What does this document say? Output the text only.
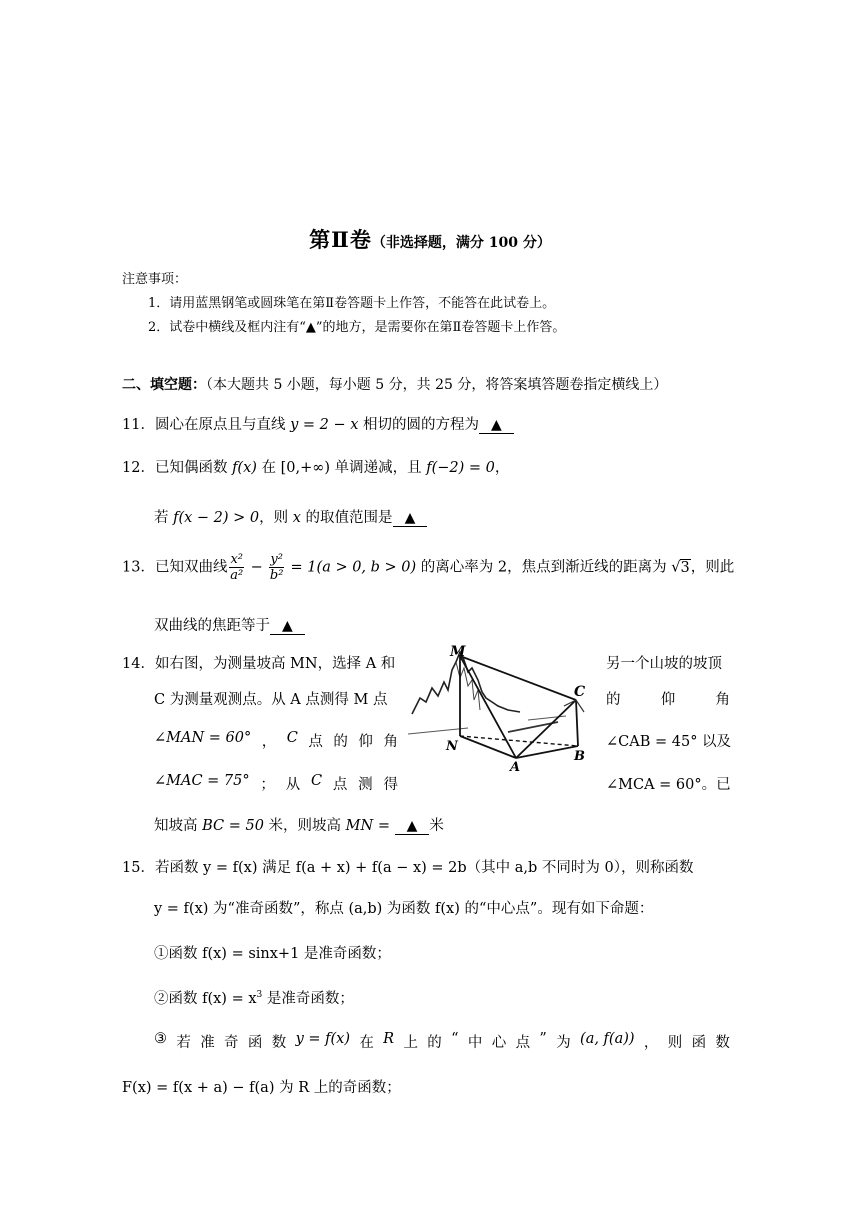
第Ⅱ卷（非选择题，满分 100 分）
注意事项：
1．请用蓝黑钢笔或圆珠笔在第Ⅱ卷答题卡上作答，不能答在此试卷上。
2．试卷中横线及框内注有“▲”的地方，是需要你在第Ⅱ卷答题卡上作答。
二、填空题：（本大题共 5 小题，每小题 5 分，共 25 分，将答案填答题卷指定横线上）
11．圆心在原点且与直线 y = 2 − x 相切的圆的方程为 ▲
12．已知偶函数 f(x) 在 [0,+∞) 单调递减，且 f(−2) = 0，
若 f(x − 2) > 0，则 x 的取值范围是 ▲
13．已知双曲线 $\frac{\text{x²}}{\text{a²}} - \frac{\text{y²}}{\text{b²}} = 1(a > 0$, b > 0) 的离心率为 2，焦点到渐近线的距离为 √3，则此
双曲线的焦距等于 ▲
14．如右图，为测量坡高 MN，选择 A 和	另一个山坡的坡顶
C 为测量观测点。从 A 点测得 M 点	的	仰	角
∠MAN = 60° ， C 点 的 仰 角	∠CAB = 45° 以及
∠MAC = 75° ； 从 C 点 测 得	∠MCA = 60°。已
知坡高 BC = 50 米，则坡高 MN = ▲ 米
M
N
A
B
C
15．若函数 y = f(x) 满足 f(a + x) + f(a − x) = 2b（其中 a,b 不同时为 0），则称函数
y = f(x) 为“准奇函数”，称点 (a,b) 为函数 f(x) 的“中心点”。现有如下命题：
①函数 f(x) = sinx+1 是准奇函数；
②函数 $f(x) = x^3$ 是准奇函数；
③ 若 准 奇 函 数 y = f(x) 在 R 上 的 “ 中 心 点 ” 为 (a, f(a)) ， 则 函 数
F(x) = f(x + a) − f(a) 为 R 上的奇函数；
